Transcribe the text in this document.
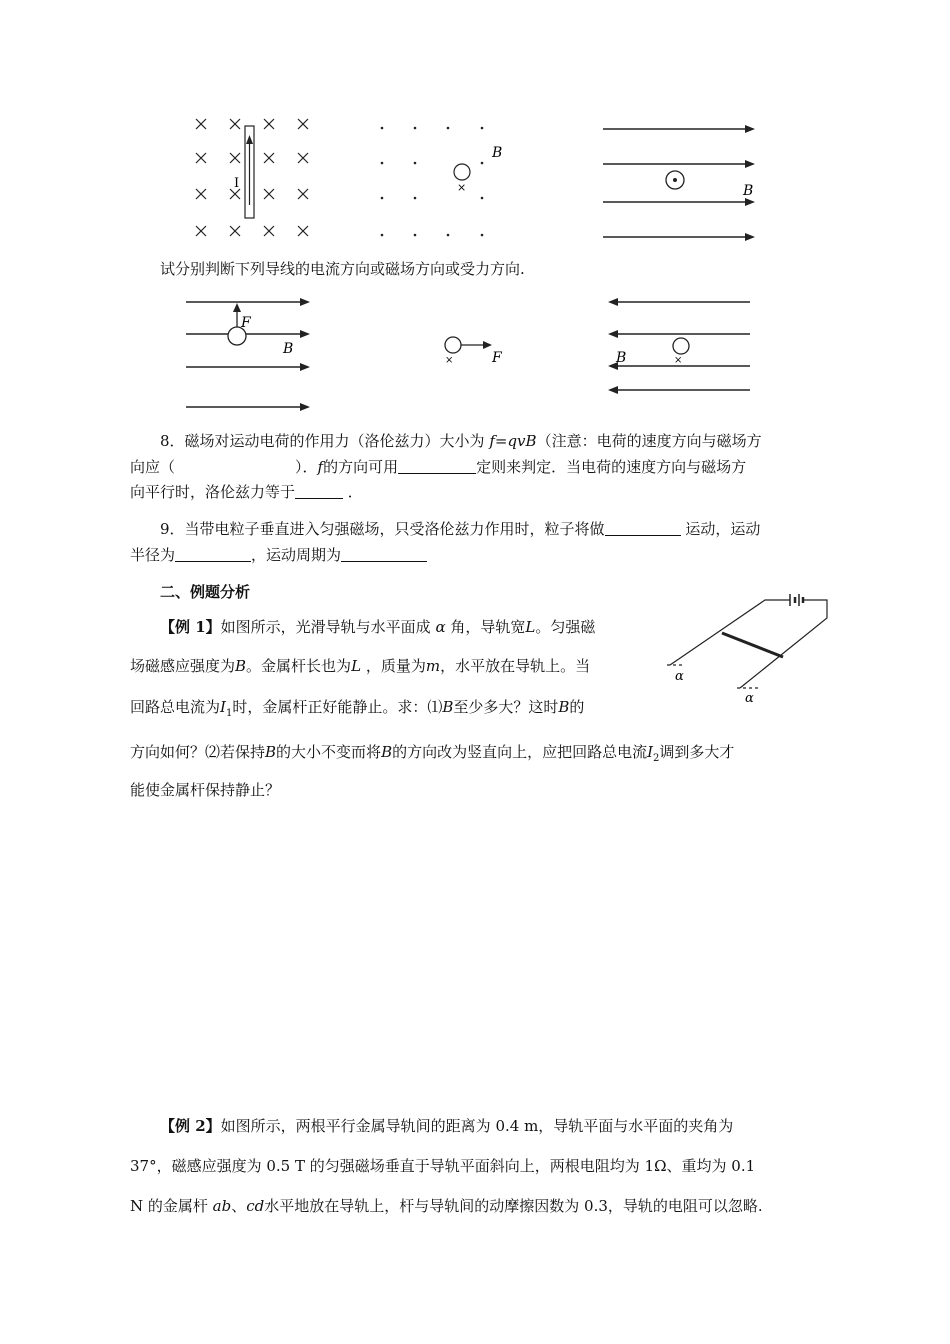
I	×
B
B
试分别判断下列导线的电流方向或磁场方向或受力方向.
F
B
×	F	×
B
8．磁场对运动电荷的作用力（洛伦兹力）大小为 f=qvB（注意：电荷的速度方向与磁场方
向应（	）．f的方向可用	定则来判定．当电荷的速度方向与磁场方
向平行时，洛伦兹力等于	．
9．当带电粒子垂直进入匀强磁场，只受洛伦兹力作用时，粒子将做	运动，运动
半径为	，运动周期为
二、例题分析
【例 1】如图所示，光滑导轨与水平面成 α 角，导轨宽L。匀强磁
场磁感应强度为B。金属杆长也为L ，质量为m，水平放在导轨上。当
回路总电流为$I_1$时，金属杆正好能静止。求：⑴B至少多大？这时B的
方向如何？⑵若保持B的大小不变而将B的方向改为竖直向上，应把回路总电流$I_2$调到多大才
能使金属杆保持静止？
α
α
【例 2】如图所示，两根平行金属导轨间的距离为 0.4 m，导轨平面与水平面的夹角为
37°，磁感应强度为 0.5 T 的匀强磁场垂直于导轨平面斜向上，两根电阻均为 1Ω、重均为 0.1
N 的金属杆 ab、cd水平地放在导轨上，杆与导轨间的动摩擦因数为 0.3，导轨的电阻可以忽略.
